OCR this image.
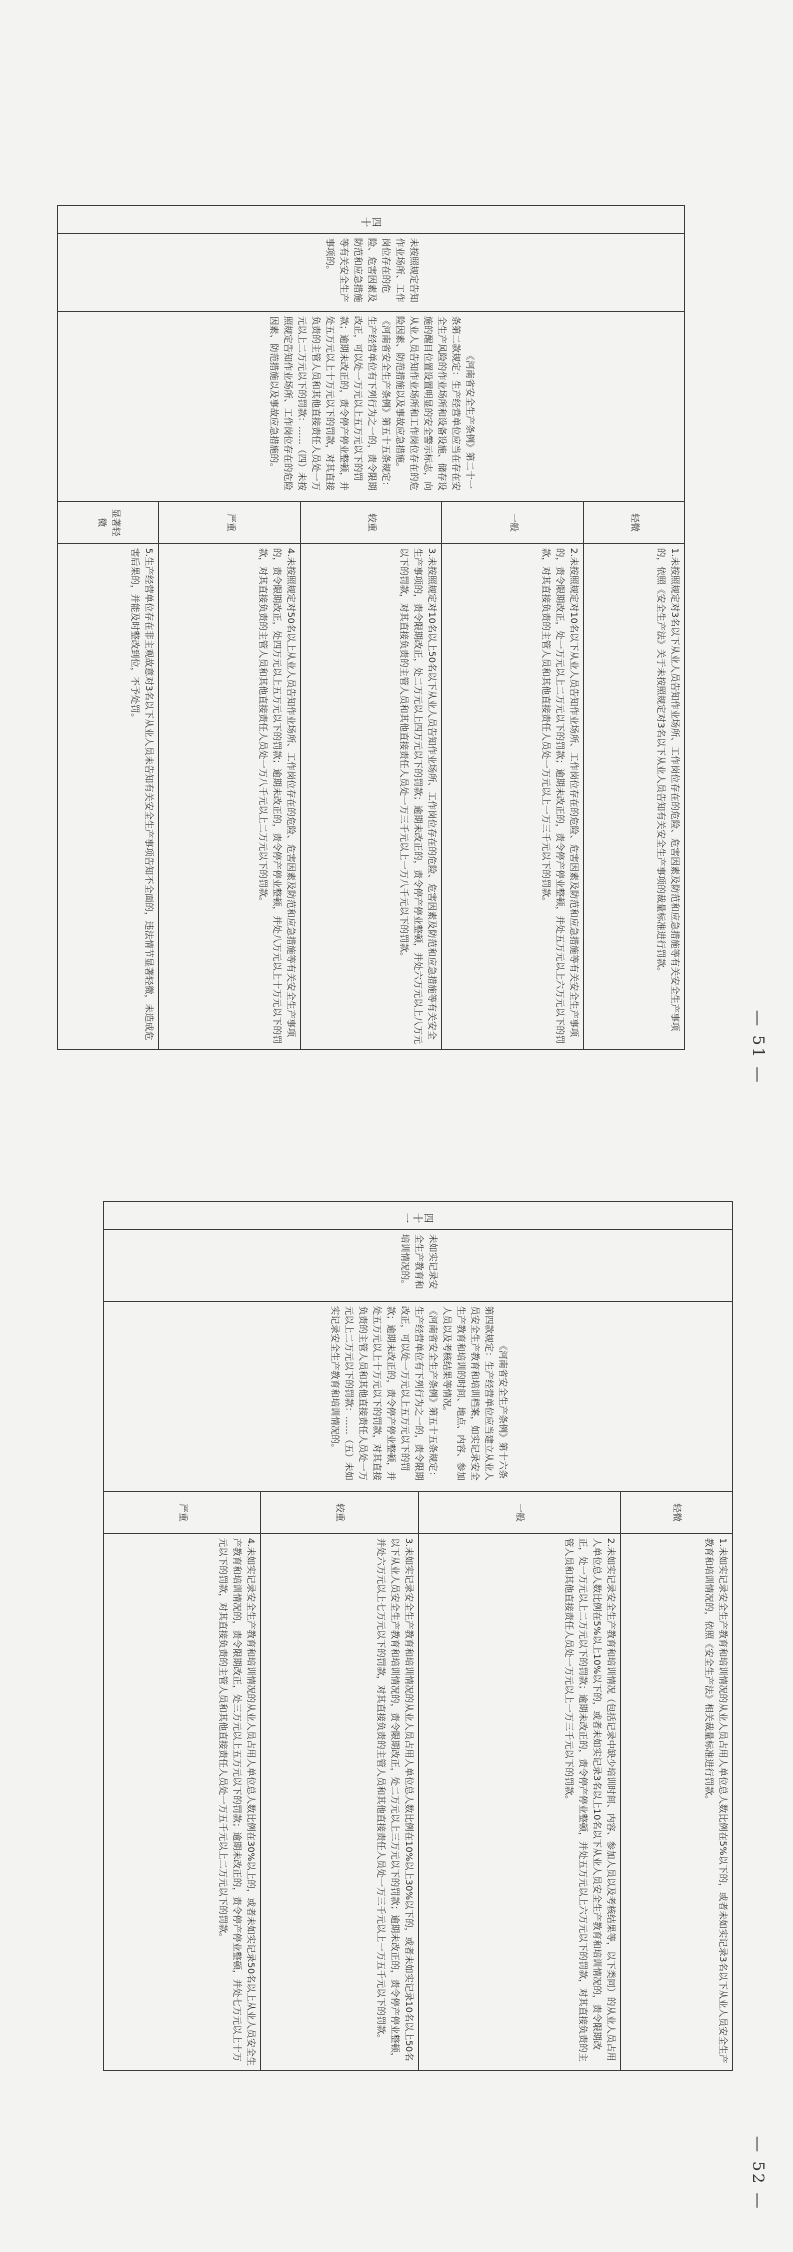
— 51 —
四十	未按照规定告知作业场所、工作岗位存在的危险、危害因素及防范和应急措施等有关安全生产事项的。	《河南省安全生产条例》第二十一条第二款规定：生产经营单位应当在存在安全生产风险的作业场所和设备设施、储存设施的醒目位置设置明显的安全警示标志，向从业人员告知作业场所和工作岗位存在的危险因素、防范措施以及事故应急措施。
《河南省安全生产条例》第五十五条规定：生产经营单位有下列行为之一的，责令限期改正，可以处一万元以上五万元以下的罚款；逾期未改正的，责令停产停业整顿，并处五万元以上十万元以下的罚款，对其直接负责的主管人员和其他直接责任人员处一万元以上二万元以下的罚款：……（四）未按照规定告知作业场所、工作岗位存在的危险因素、防范措施以及事故应急措施的。	轻微	1.未按照规定对3名以下从业人员告知作业场所、工作岗位存在的危险、危害因素及防范和应急措施等有关安全生产事项的，依照《安全生产法》关于未按照规定对3名以下从业人员告知有关安全生产事项的裁量标准进行罚款。
			一般	2.未按照规定对10名以下从业人员告知作业场所、工作岗位存在的危险、危害因素及防范和应急措施等有关安全生产事项的，责令限期改正，处一万元以上二万元以下的罚款；逾期未改正的，责令停产停业整顿，并处五万元以上六万元以下的罚款，对其直接负责的主管人员和其他直接责任人员处一万元以上一万三千元以下的罚款。
			较重	3.未按照规定对10名以上50名以下从业人员告知作业场所、工作岗位存在的危险、危害因素及防范和应急措施等有关安全生产事项的，责令限期改正，处二万元以上四万元以下的罚款；逾期未改正的，责令停产停业整顿，并处六万元以上八万元以下的罚款，对其直接负责的主管人员和其他直接责任人员处一万三千元以上一万八千元以下的罚款。
			严重	4.未按照规定对50名以上从业人员告知作业场所、工作岗位存在的危险、危害因素及防范和应急措施等有关安全生产事项的，责令限期改正，处四万元以上五万元以下的罚款；逾期未改正的，责令停产停业整顿，并处八万元以上十万元以下的罚款，对其直接负责的主管人员和其他直接责任人员处一万八千元以上二万元以下的罚款。
			显著轻微	5.生产经营单位存在非主观故意对3名以下从业人员未告知有关安全生产事项告知不全面的，违法情节显著轻微，未造成危害后果的，并能及时整改到位，不予处罚。
— 52 —
四十一	未如实记录安全生产教育和培训情况的。	《河南省安全生产条例》第十六条第四款规定：生产经营单位应当建立从业人员安全生产教育和培训档案，如实记录安全生产教育和培训的时间、地点、内容、参加人员以及考核结果等情况。
《河南省安全生产条例》第五十五条规定：生产经营单位有下列行为之一的，责令限期改正，可以处一万元以上五万元以下的罚款；逾期未改正的，责令停产停业整顿，并处五万元以上十万元以下的罚款，对其直接负责的主管人员和其他直接责任人员处一万元以上二万元以下的罚款：……（五）未如实记录安全生产教育和培训情况的。	轻微	1.未如实记录安全生产教育和培训情况的从业人员占用人单位总人数比例在5%以下的，或者未如实记录3名以下从业人员安全生产教育和培训情况的，依照《安全生产法》相关裁量标准进行罚款。
			一般	2.未如实记录安全生产教育和培训情况（包括记录中缺少培训时间、内容、参加人员以及考核结果等，以下类同）的从业人员占用人单位总人数比例在5%以上10%以下的，或者未如实记录3名以上10名以下从业人员安全生产教育和培训情况的，责令限期改正，处一万元以上二万元以下的罚款；逾期未改正的，责令停产停业整顿，并处五万元以上六万元以下的罚款，对其直接负责的主管人员和其他直接责任人员处一万元以上一万三千元以下的罚款。
			较重	3.未如实记录安全生产教育和培训情况的从业人员占用人单位总人数比例在10%以上30%以下的，或者未如实记录10名以上50名以下从业人员安全生产教育和培训情况的，责令限期改正，处二万元以上三万元以下的罚款；逾期未改正的，责令停产停业整顿，并处六万元以上七万元以下的罚款，对其直接负责的主管人员和其他直接责任人员处一万三千元以上一万五千元以下的罚款。
			严重	4.未如实记录安全生产教育和培训情况的从业人员占用人单位总人数比例在30%以上的，或者未如实记录50名以上从业人员安全生产教育和培训情况的，责令限期改正，处三万元以上五万元以下的罚款；逾期未改正的，责令停产停业整顿，并处七万元以上十万元以下的罚款，对其直接负责的主管人员和其他直接责任人员处一万五千元以上二万元以下的罚款。
